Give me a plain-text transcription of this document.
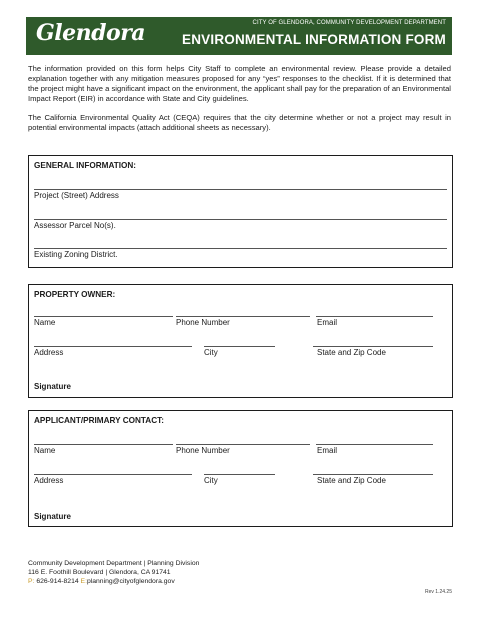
Glendora	CITY OF GLENDORA, COMMUNITY DEVELOPMENT DEPARTMENT
ENVIRONMENTAL INFORMATION FORM

The information provided on this form helps City Staff to complete an environmental review. Please provide a detailed explanation together with any mitigation measures proposed for any “yes” responses to the checklist. If it is determined that the project might have a significant impact on the environment, the applicant shall pay for the preparation of an Environmental Impact Report (EIR) in accordance with State and City guidelines.

The California Environmental Quality Act (CEQA) requires that the city determine whether or not a project may result in potential environmental impacts (attach additional sheets as necessary).

GENERAL INFORMATION:
Project (Street) Address
Assessor Parcel No(s).
Existing Zoning District.
PROPERTY OWNER:
Name	Phone Number	Email
Address	City	State and Zip Code
Signature
APPLICANT/PRIMARY CONTACT:
Name	Phone Number	Email
Address	City	State and Zip Code
Signature
Community Development Department | Planning Division
116 E. Foothill Boulevard | Glendora, CA 91741
P: 626-914-8214 E:planning@cityofglendora.gov
Rev 1.24.25
